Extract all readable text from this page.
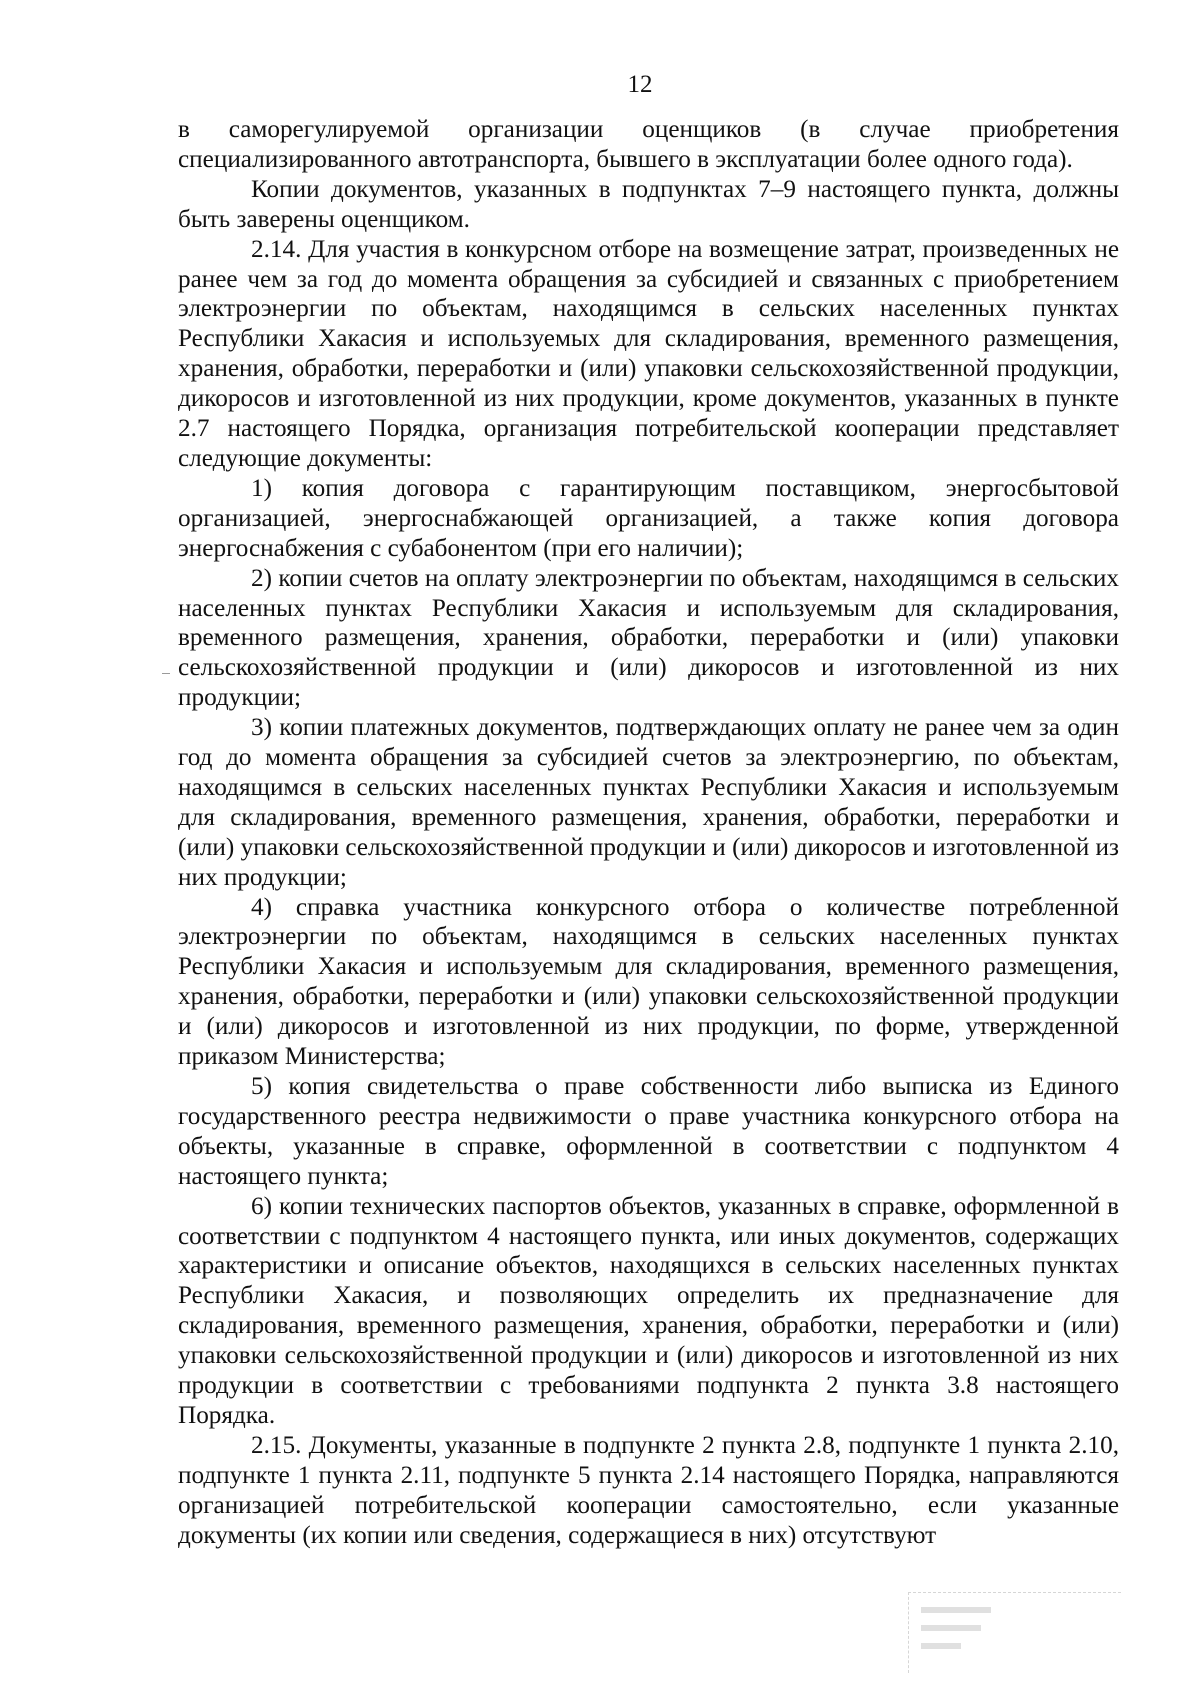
12

в саморегулируемой организации оценщиков (в случае приобретения специализированного автотранспорта, бывшего в эксплуатации более одного года).

Копии документов, указанных в подпунктах 7–9 настоящего пункта, должны быть заверены оценщиком.

2.14. Для участия в конкурсном отборе на возмещение затрат, произведенных не ранее чем за год до момента обращения за субсидией и связанных с приобретением электроэнергии по объектам, находящимся в сельских населенных пунктах Республики Хакасия и используемых для складирования, временного размещения, хранения, обработки, переработки и (или) упаковки сельскохозяйственной продукции, дикоросов и изготовленной из них продукции, кроме документов, указанных в пункте 2.7 настоящего Порядка, организация потребительской кооперации представляет следующие документы:

1) копия договора с гарантирующим поставщиком, энергосбытовой организацией, энергоснабжающей организацией, а также копия договора энергоснабжения с субабонентом (при его наличии);

2) копии счетов на оплату электроэнергии по объектам, находящимся в сельских населенных пунктах Республики Хакасия и используемым для складирования, временного размещения, хранения, обработки, переработки и (или) упаковки сельскохозяйственной продукции и (или) дикоросов и изготовленной из них продукции;

3) копии платежных документов, подтверждающих оплату не ранее чем за один год до момента обращения за субсидией счетов за электроэнергию, по объектам, находящимся в сельских населенных пунктах Республики Хакасия и используемым для складирования, временного размещения, хранения, обработки, переработки и (или) упаковки сельскохозяйственной продукции и (или) дикоросов и изготовленной из них продукции;

4) справка участника конкурсного отбора о количестве потребленной электроэнергии по объектам, находящимся в сельских населенных пунктах Республики Хакасия и используемым для складирования, временного размещения, хранения, обработки, переработки и (или) упаковки сельскохозяйственной продукции и (или) дикоросов и изготовленной из них продукции, по форме, утвержденной приказом Министерства;

5) копия свидетельства о праве собственности либо выписка из Единого государственного реестра недвижимости о праве участника конкурсного отбора на объекты, указанные в справке, оформленной в соответствии с подпунктом 4 настоящего пункта;

6) копии технических паспортов объектов, указанных в справке, оформленной в соответствии с подпунктом 4 настоящего пункта, или иных документов, содержащих характеристики и описание объектов, находящихся в сельских населенных пунктах Республики Хакасия, и позволяющих определить их предназначение для складирования, временного размещения, хранения, обработки, переработки и (или) упаковки сельскохозяйственной продукции и (или) дикоросов и изготовленной из них продукции в соответствии с требованиями подпункта 2 пункта 3.8 настоящего Порядка.

2.15. Документы, указанные в подпункте 2 пункта 2.8, подпункте 1 пункта 2.10, подпункте 1 пункта 2.11, подпункте 5 пункта 2.14 настоящего Порядка, направляются организацией потребительской кооперации самостоятельно, если указанные документы (их копии или сведения, содержащиеся в них) отсутствуют
